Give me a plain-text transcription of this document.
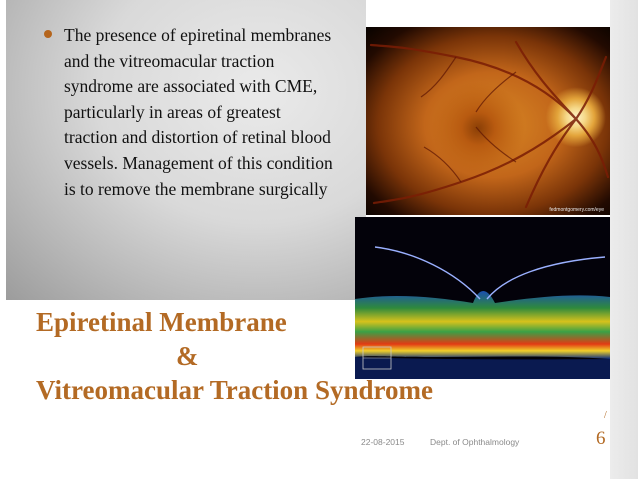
The presence of epiretinal membranes and the vitreomacular traction syndrome are associated with CME, particularly in areas of greatest traction and distortion of retinal blood vessels. Management of this condition is to remove the membrane surgically
fedmontgomery.com/eye
Epiretinal Membrane
&
Vitreomacular Traction Syndrome
/
22-08-2015	Dept. of Ophthalmology	6
